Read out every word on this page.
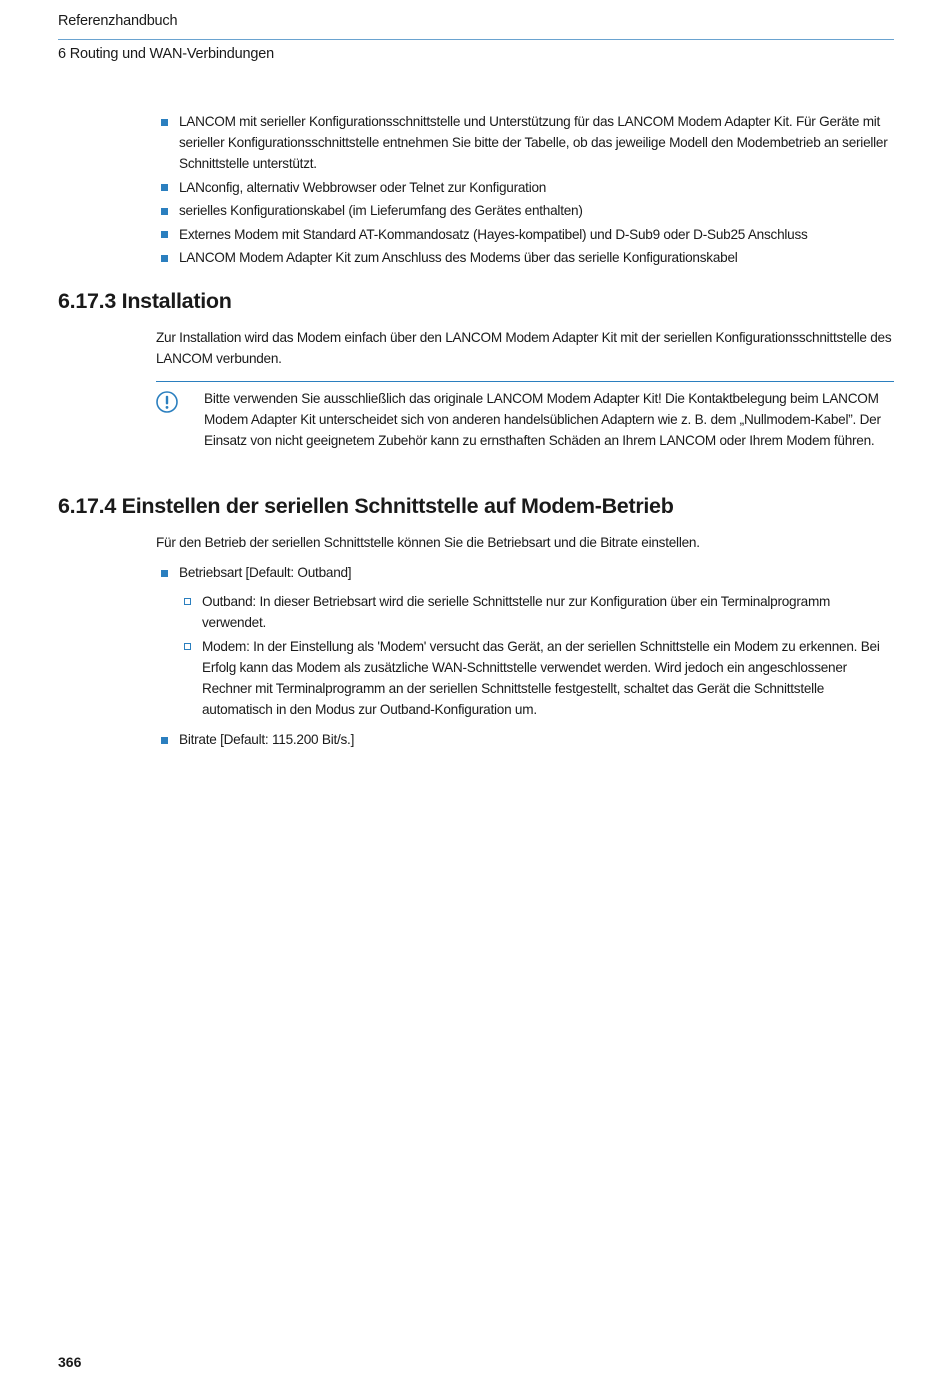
Referenzhandbuch
6 Routing und WAN-Verbindungen
LANCOM mit serieller Konfigurationsschnittstelle und Unterstützung für das LANCOM Modem Adapter Kit. Für Geräte mit serieller Konfigurationsschnittstelle entnehmen Sie bitte der Tabelle, ob das jeweilige Modell den Modembetrieb an serieller Schnittstelle unterstützt.
LANconfig, alternativ Webbrowser oder Telnet zur Konfiguration
serielles Konfigurationskabel (im Lieferumfang des Gerätes enthalten)
Externes Modem mit Standard AT-Kommandosatz (Hayes-kompatibel) und D-Sub9 oder D-Sub25 Anschluss
LANCOM Modem Adapter Kit zum Anschluss des Modems über das serielle Konfigurationskabel
6.17.3 Installation

Zur Installation wird das Modem einfach über den LANCOM Modem Adapter Kit mit der seriellen Konfigurationsschnittstelle des LANCOM verbunden.

Bitte verwenden Sie ausschließlich das originale LANCOM Modem Adapter Kit! Die Kontaktbelegung beim LANCOM Modem Adapter Kit unterscheidet sich von anderen handelsüblichen Adaptern wie z. B. dem „Nullmodem-Kabel”. Der Einsatz von nicht geeignetem Zubehör kann zu ernsthaften Schäden an Ihrem LANCOM oder Ihrem Modem führen.
6.17.4 Einstellen der seriellen Schnittstelle auf Modem-Betrieb

Für den Betrieb der seriellen Schnittstelle können Sie die Betriebsart und die Bitrate einstellen.

Betriebsart [Default: Outband]
Outband: In dieser Betriebsart wird die serielle Schnittstelle nur zur Konfiguration über ein Terminalprogramm verwendet.
Modem: In der Einstellung als 'Modem' versucht das Gerät, an der seriellen Schnittstelle ein Modem zu erkennen. Bei Erfolg kann das Modem als zusätzliche WAN-Schnittstelle verwendet werden. Wird jedoch ein angeschlossener Rechner mit Terminalprogramm an der seriellen Schnittstelle festgestellt, schaltet das Gerät die Schnittstelle automatisch in den Modus zur Outband-Konfiguration um.
Bitrate [Default: 115.200 Bit/s.]
366
